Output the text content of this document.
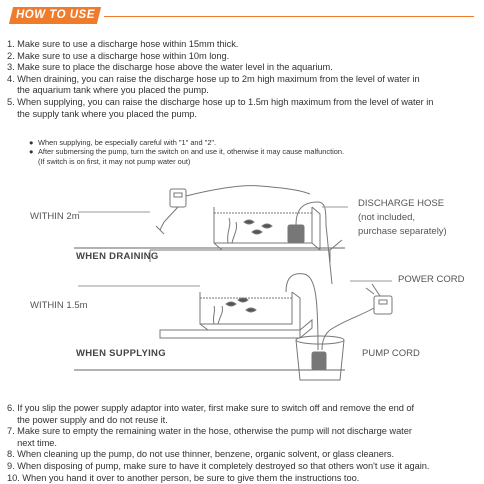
HOW TO USE
1. Make sure to use a discharge hose within 15mm thick.
2. Make sure to use a discharge hose within 10m long.
3. Make sure to place the discharge hose above the water level in the aquarium.
4. When draining, you can raise the discharge hose up to 2m high maximum from the level of water in
the aquarium tank where you placed the pump.
5. When supplying, you can raise the discharge hose up to 1.5m high maximum from the level of water in
the supply tank where you placed the pump.
● When supplying, be especially careful with "1" and "2".
● After submersing the pump, turn the switch on and use it, otherwise it may cause malfunction.
(If switch is on first, it may not pump water out)
WITHIN 2m
WHEN DRAINING
WITHIN 1.5m
WHEN SUPPLYING
DISCHARGE HOSE
(not included,
purchase separately)
POWER CORD
PUMP CORD
6. If you slip the power supply adaptor into water, first make sure to switch off and remove the end of
the power supply and do not reuse it.
7. Make sure to empty the remaining water in the hose, otherwise the pump will not discharge water
next time.
8. When cleaning up the pump, do not use thinner, benzene, organic solvent, or glass cleaners.
9. When disposing of pump, make sure to have it completely destroyed so that others won't use it again.
10. When you hand it over to another person, be sure to give them the instructions too.
